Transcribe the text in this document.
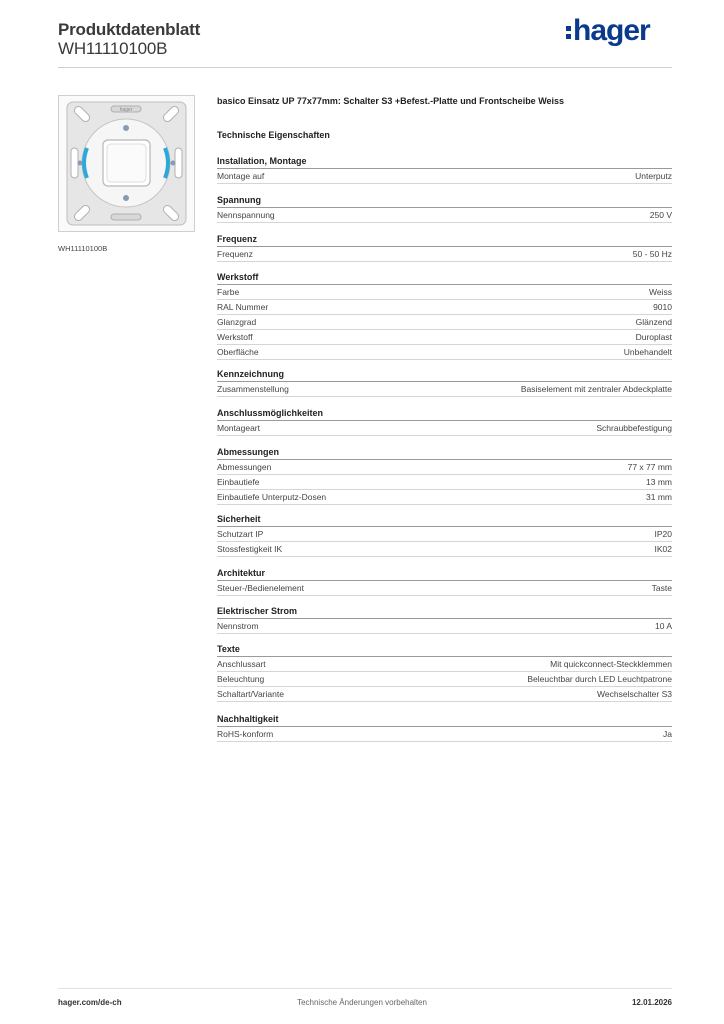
Produktdatenblatt
WH11110100B
hager
hager
WH11110100B
basico Einsatz UP 77x77mm: Schalter S3 +Befest.-Platte und Frontscheibe Weiss
Technische Eigenschaften
Installation, Montage
Montage auf	Unterputz
Spannung
Nennspannung	250 V
Frequenz
Frequenz	50 - 50 Hz
Werkstoff
Farbe	Weiss
RAL Nummer	9010
Glanzgrad	Glänzend
Werkstoff	Duroplast
Oberfläche	Unbehandelt
Kennzeichnung
Zusammenstellung	Basiselement mit zentraler Abdeckplatte
Anschlussmöglichkeiten
Montageart	Schraubbefestigung
Abmessungen
Abmessungen	77 x 77 mm
Einbautiefe	13 mm
Einbautiefe Unterputz-Dosen	31 mm
Sicherheit
Schutzart IP	IP20
Stossfestigkeit IK	IK02
Architektur
Steuer-/Bedienelement	Taste
Elektrischer Strom
Nennstrom	10 A
Texte
Anschlussart	Mit quickconnect-Steckklemmen
Beleuchtung	Beleuchtbar durch LED Leuchtpatrone
Schaltart/Variante	Wechselschalter S3
Nachhaltigkeit
RoHS-konform	Ja
hager.com/de-ch	Technische Änderungen vorbehalten	12.01.2026
